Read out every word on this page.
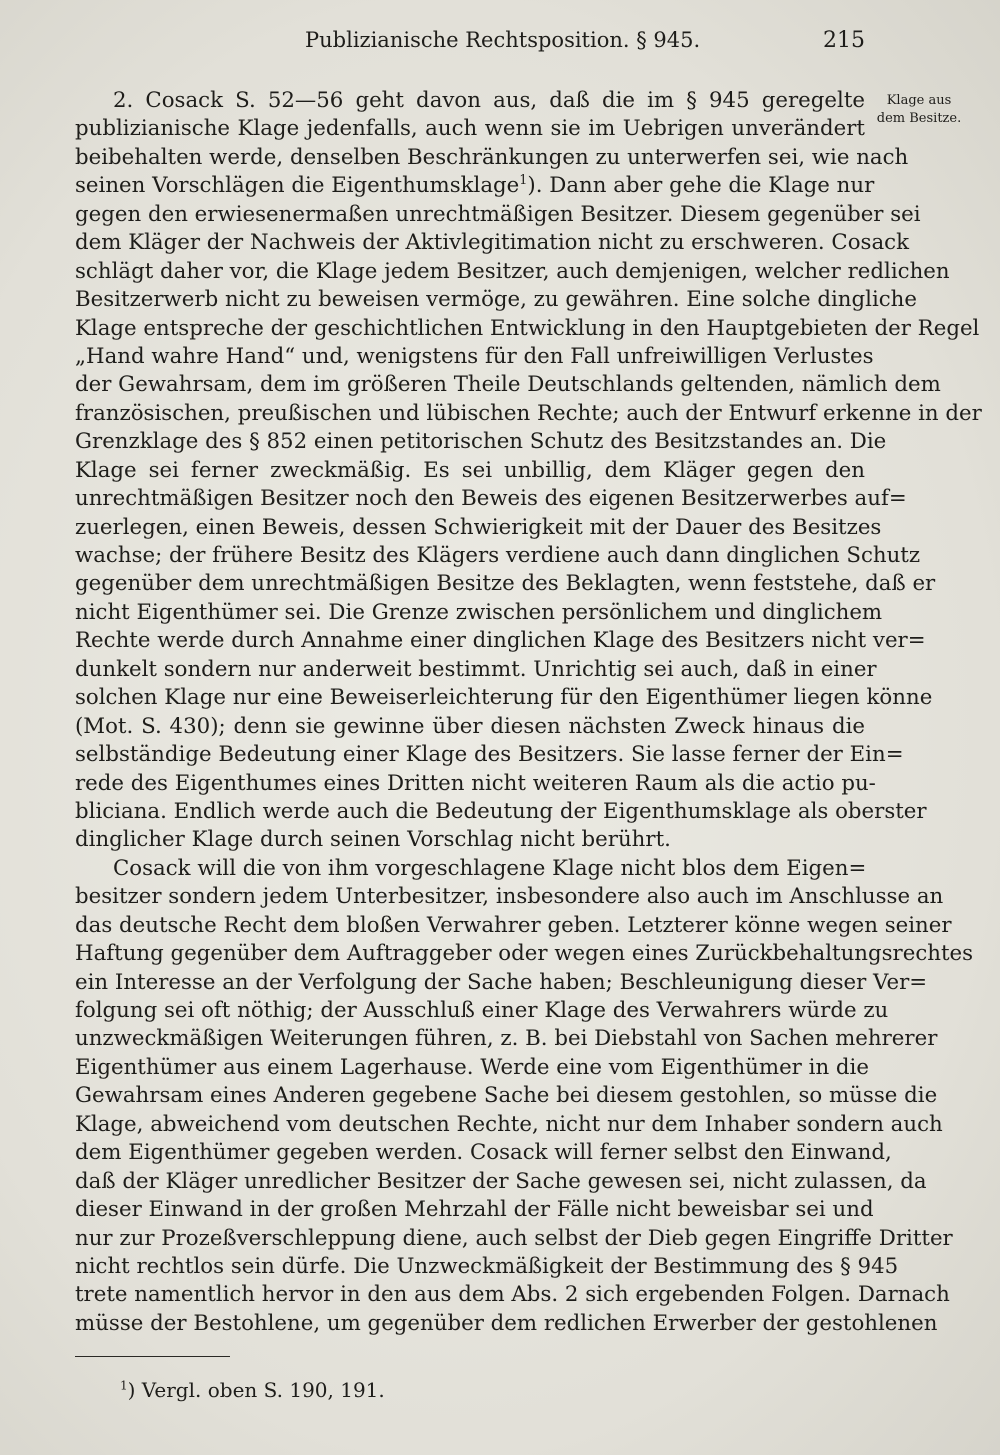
Publizianische Rechtsposition. § 945.	215
Klage aus
dem Besitze.
2. Cosack S. 52—56 geht davon aus, daß die im § 945 geregelte
publizianische Klage jedenfalls, auch wenn sie im Uebrigen unverändert
beibehalten werde, denselben Beschränkungen zu unterwerfen sei, wie nach
seinen Vorschlägen die Eigenthumsklage$^1$). Dann aber gehe die Klage nur
gegen den erwiesenermaßen unrechtmäßigen Besitzer. Diesem gegenüber sei
dem Kläger der Nachweis der Aktivlegitimation nicht zu erschweren. Cosack
schlägt daher vor, die Klage jedem Besitzer, auch demjenigen, welcher redlichen
Besitzerwerb nicht zu beweisen vermöge, zu gewähren. Eine solche dingliche
Klage entspreche der geschichtlichen Entwicklung in den Hauptgebieten der Regel
„Hand wahre Hand“ und, wenigstens für den Fall unfreiwilligen Verlustes
der Gewahrsam, dem im größeren Theile Deutschlands geltenden, nämlich dem
französischen, preußischen und lübischen Rechte; auch der Entwurf erkenne in der
Grenzklage des § 852 einen petitorischen Schutz des Besitzstandes an. Die
Klage sei ferner zweckmäßig. Es sei unbillig, dem Kläger gegen den
unrechtmäßigen Besitzer noch den Beweis des eigenen Besitzerwerbes auf=
zuerlegen, einen Beweis, dessen Schwierigkeit mit der Dauer des Besitzes
wachse; der frühere Besitz des Klägers verdiene auch dann dinglichen Schutz
gegenüber dem unrechtmäßigen Besitze des Beklagten, wenn feststehe, daß er
nicht Eigenthümer sei. Die Grenze zwischen persönlichem und dinglichem
Rechte werde durch Annahme einer dinglichen Klage des Besitzers nicht ver=
dunkelt sondern nur anderweit bestimmt. Unrichtig sei auch, daß in einer
solchen Klage nur eine Beweiserleichterung für den Eigenthümer liegen könne
(Mot. S. 430); denn sie gewinne über diesen nächsten Zweck hinaus die
selbständige Bedeutung einer Klage des Besitzers. Sie lasse ferner der Ein=
rede des Eigenthumes eines Dritten nicht weiteren Raum als die actio pu-
bliciana. Endlich werde auch die Bedeutung der Eigenthumsklage als oberster
dinglicher Klage durch seinen Vorschlag nicht berührt.
Cosack will die von ihm vorgeschlagene Klage nicht blos dem Eigen=
besitzer sondern jedem Unterbesitzer, insbesondere also auch im Anschlusse an
das deutsche Recht dem bloßen Verwahrer geben. Letzterer könne wegen seiner
Haftung gegenüber dem Auftraggeber oder wegen eines Zurückbehaltungsrechtes
ein Interesse an der Verfolgung der Sache haben; Beschleunigung dieser Ver=
folgung sei oft nöthig; der Ausschluß einer Klage des Verwahrers würde zu
unzweckmäßigen Weiterungen führen, z. B. bei Diebstahl von Sachen mehrerer
Eigenthümer aus einem Lagerhause. Werde eine vom Eigenthümer in die
Gewahrsam eines Anderen gegebene Sache bei diesem gestohlen, so müsse die
Klage, abweichend vom deutschen Rechte, nicht nur dem Inhaber sondern auch
dem Eigenthümer gegeben werden. Cosack will ferner selbst den Einwand,
daß der Kläger unredlicher Besitzer der Sache gewesen sei, nicht zulassen, da
dieser Einwand in der großen Mehrzahl der Fälle nicht beweisbar sei und
nur zur Prozeßverschleppung diene, auch selbst der Dieb gegen Eingriffe Dritter
nicht rechtlos sein dürfe. Die Unzweckmäßigkeit der Bestimmung des § 945
trete namentlich hervor in den aus dem Abs. 2 sich ergebenden Folgen. Darnach
müsse der Bestohlene, um gegenüber dem redlichen Erwerber der gestohlenen
$^1$) Vergl. oben S. 190, 191.
